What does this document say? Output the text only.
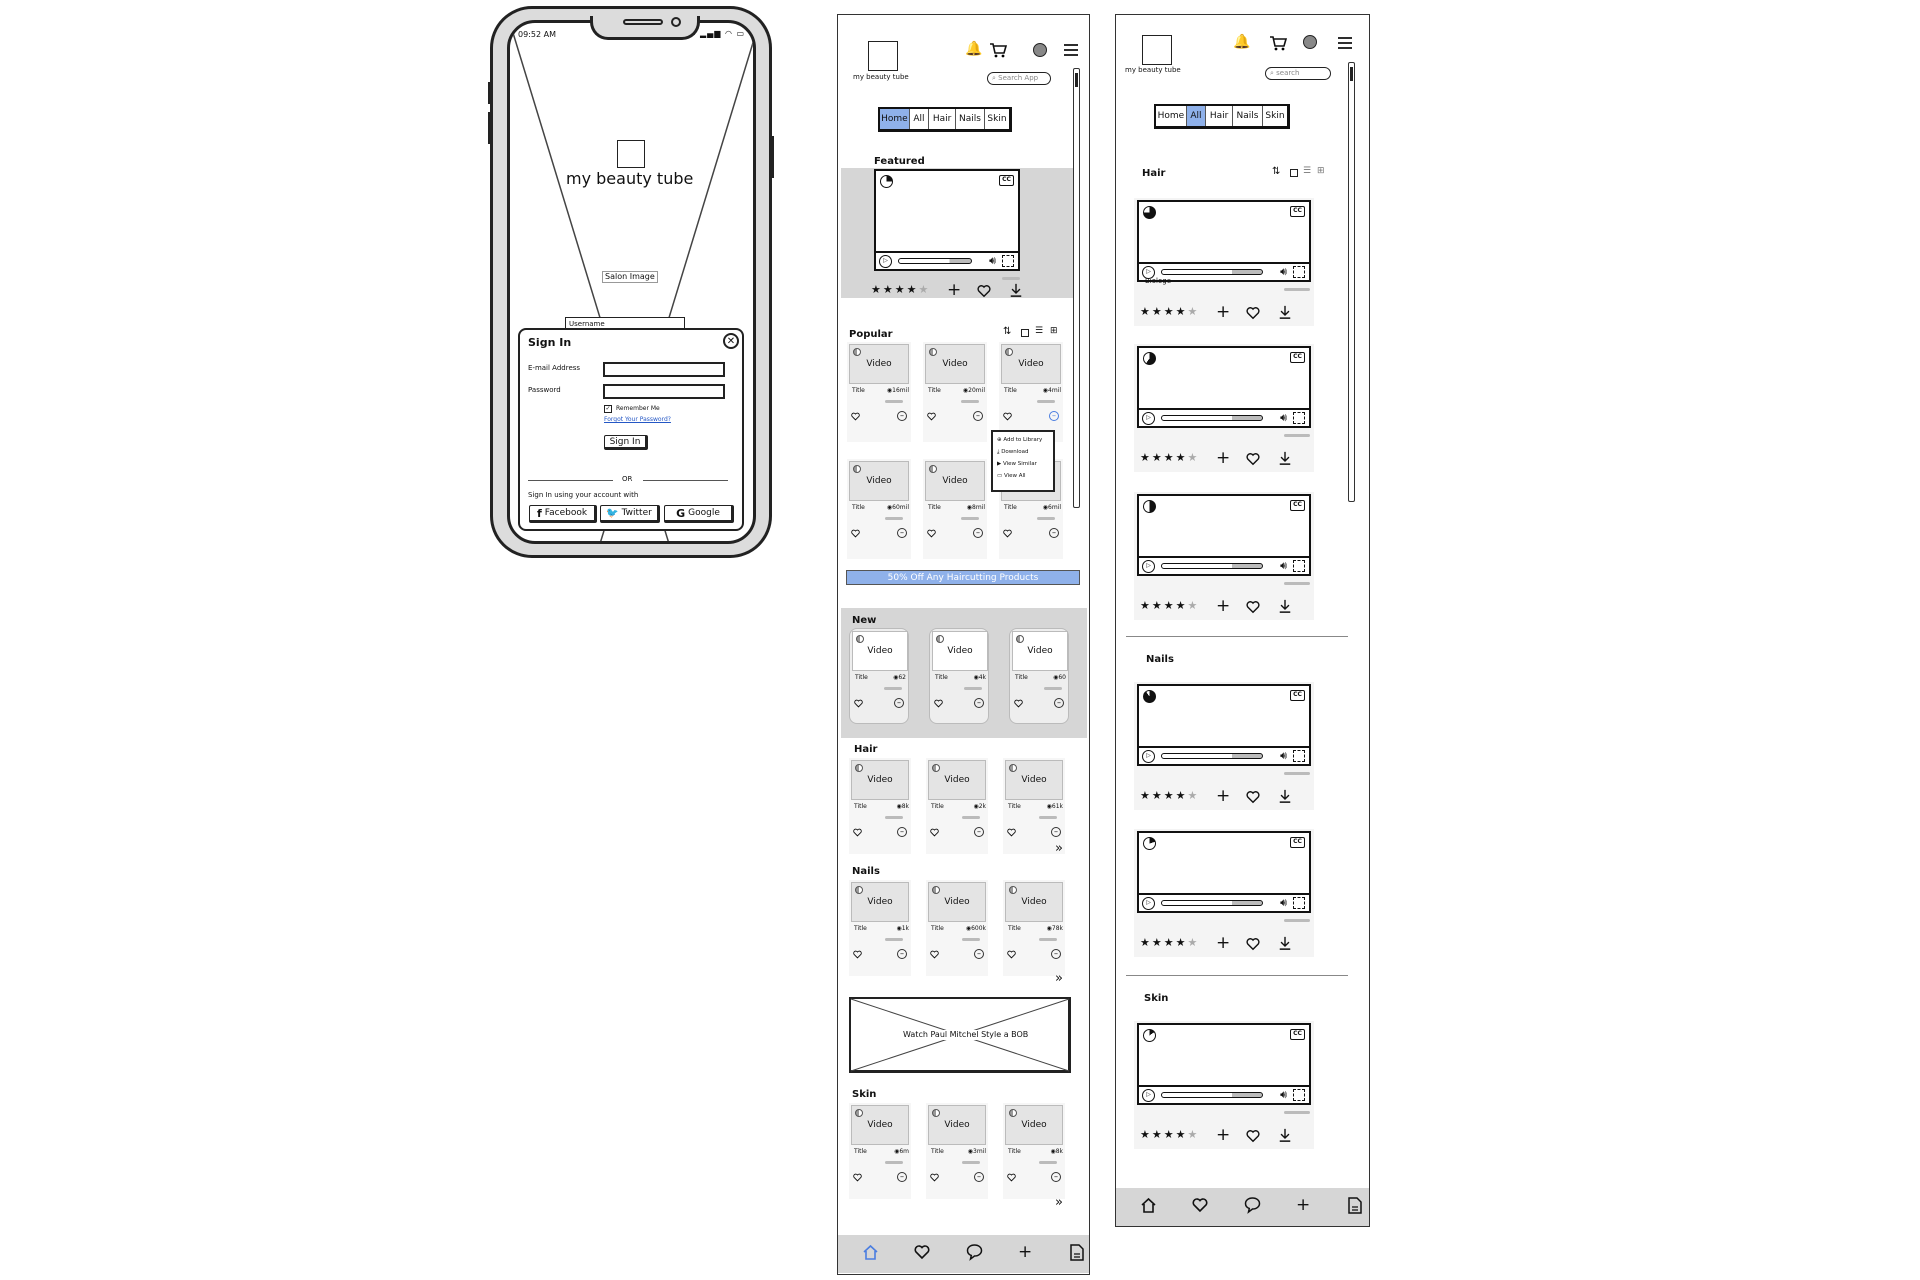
09:52 AM	▂▄▆ ◠ ▭
my beauty tube
Salon Image
Username
Sign In	✕
E-mail Address
Password
✓ Remember Me
Forgot Your Password?
Sign In
OR
Sign In using your account with
f Facebook 🐦 Twitter G Google
my beauty tube
🔔
⌕ Search App
Home All Hair Nails Skin
Featured
CC
▷	🔊︎
★★★★★ +
Popular	⇅	☰ ⊞
Video
Title	◉16mil
–
Video
Title	◉20mil
–
Video
Title	◉4mil
–
Video
Title	◉60mil
–
Video
Title	◉8mil
–
Title	◉6mil
–
⊕ Add to Library
⤓ Download
▶ View Similar
▭ View All
50% Off Any Haircutting Products
New
Video
Title	◉62
–
Video
Title	◉4k
–
Video
Title	◉60
–
Hair
Video
Title	◉8k
–
Video
Title	◉2k
–
Video
Title	◉61k
–
»
Nails
Video
Title	◉1k
–
Video
Title	◉600k
–
Video
Title	◉78k
–
»
Watch Paul Mitchel Style a BOB
Skin
Video
Title	◉6m
–
Video
Title	◉3mil
–
Video
Title	◉8k
–
»
+
my beauty tube
🔔
⌕ search
Home All Hair Nails Skin
Hair	⇅	☰ ⊞
CC
▷	🔊︎
★★★★★ +
CC
▷	🔊︎
★★★★★ +
CC
▷	🔊︎
★★★★★ +
CC
▷	🔊︎
★★★★★ +
CC
▷	🔊︎
★★★★★ +
CC
▷	🔊︎
★★★★★ +
Biologe
Nails
Skin
+
